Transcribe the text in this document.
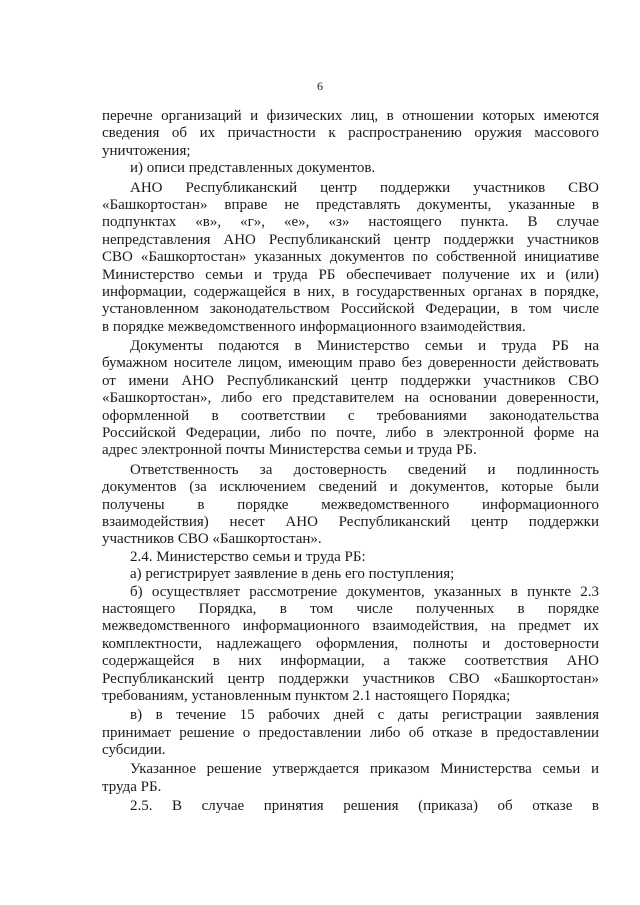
6
перечне организаций и физических лиц, в отношении которых имеются
сведения об их причастности к распространению оружия массового
уничтожения;
и) описи представленных документов.
АНО Республиканский центр поддержки участников СВО
«Башкортостан» вправе не представлять документы, указанные в
подпунктах «в», «г», «е», «з» настоящего пункта. В случае
непредставления АНО Республиканский центр поддержки участников
СВО «Башкортостан» указанных документов по собственной инициативе
Министерство семьи и труда РБ обеспечивает получение их и (или)
информации, содержащейся в них, в государственных органах в порядке,
установленном законодательством Российской Федерации, в том числе
в порядке межведомственного информационного взаимодействия.
Документы подаются в Министерство семьи и труда РБ на
бумажном носителе лицом, имеющим право без доверенности действовать
от имени АНО Республиканский центр поддержки участников СВО
«Башкортостан», либо его представителем на основании доверенности,
оформленной в соответствии с требованиями законодательства
Российской Федерации, либо по почте, либо в электронной форме на
адрес электронной почты Министерства семьи и труда РБ.
Ответственность за достоверность сведений и подлинность
документов (за исключением сведений и документов, которые были
получены в порядке межведомственного информационного
взаимодействия) несет АНО Республиканский центр поддержки
участников СВО «Башкортостан».
2.4. Министерство семьи и труда РБ:
а) регистрирует заявление в день его поступления;
б) осуществляет рассмотрение документов, указанных в пункте 2.3
настоящего Порядка, в том числе полученных в порядке
межведомственного информационного взаимодействия, на предмет их
комплектности, надлежащего оформления, полноты и достоверности
содержащейся в них информации, а также соответствия АНО
Республиканский центр поддержки участников СВО «Башкортостан»
требованиям, установленным пунктом 2.1 настоящего Порядка;
в) в течение 15 рабочих дней с даты регистрации заявления
принимает решение о предоставлении либо об отказе в предоставлении
субсидии.
Указанное решение утверждается приказом Министерства семьи и
труда РБ.
2.5. В случае принятия решения (приказа) об отказе в
